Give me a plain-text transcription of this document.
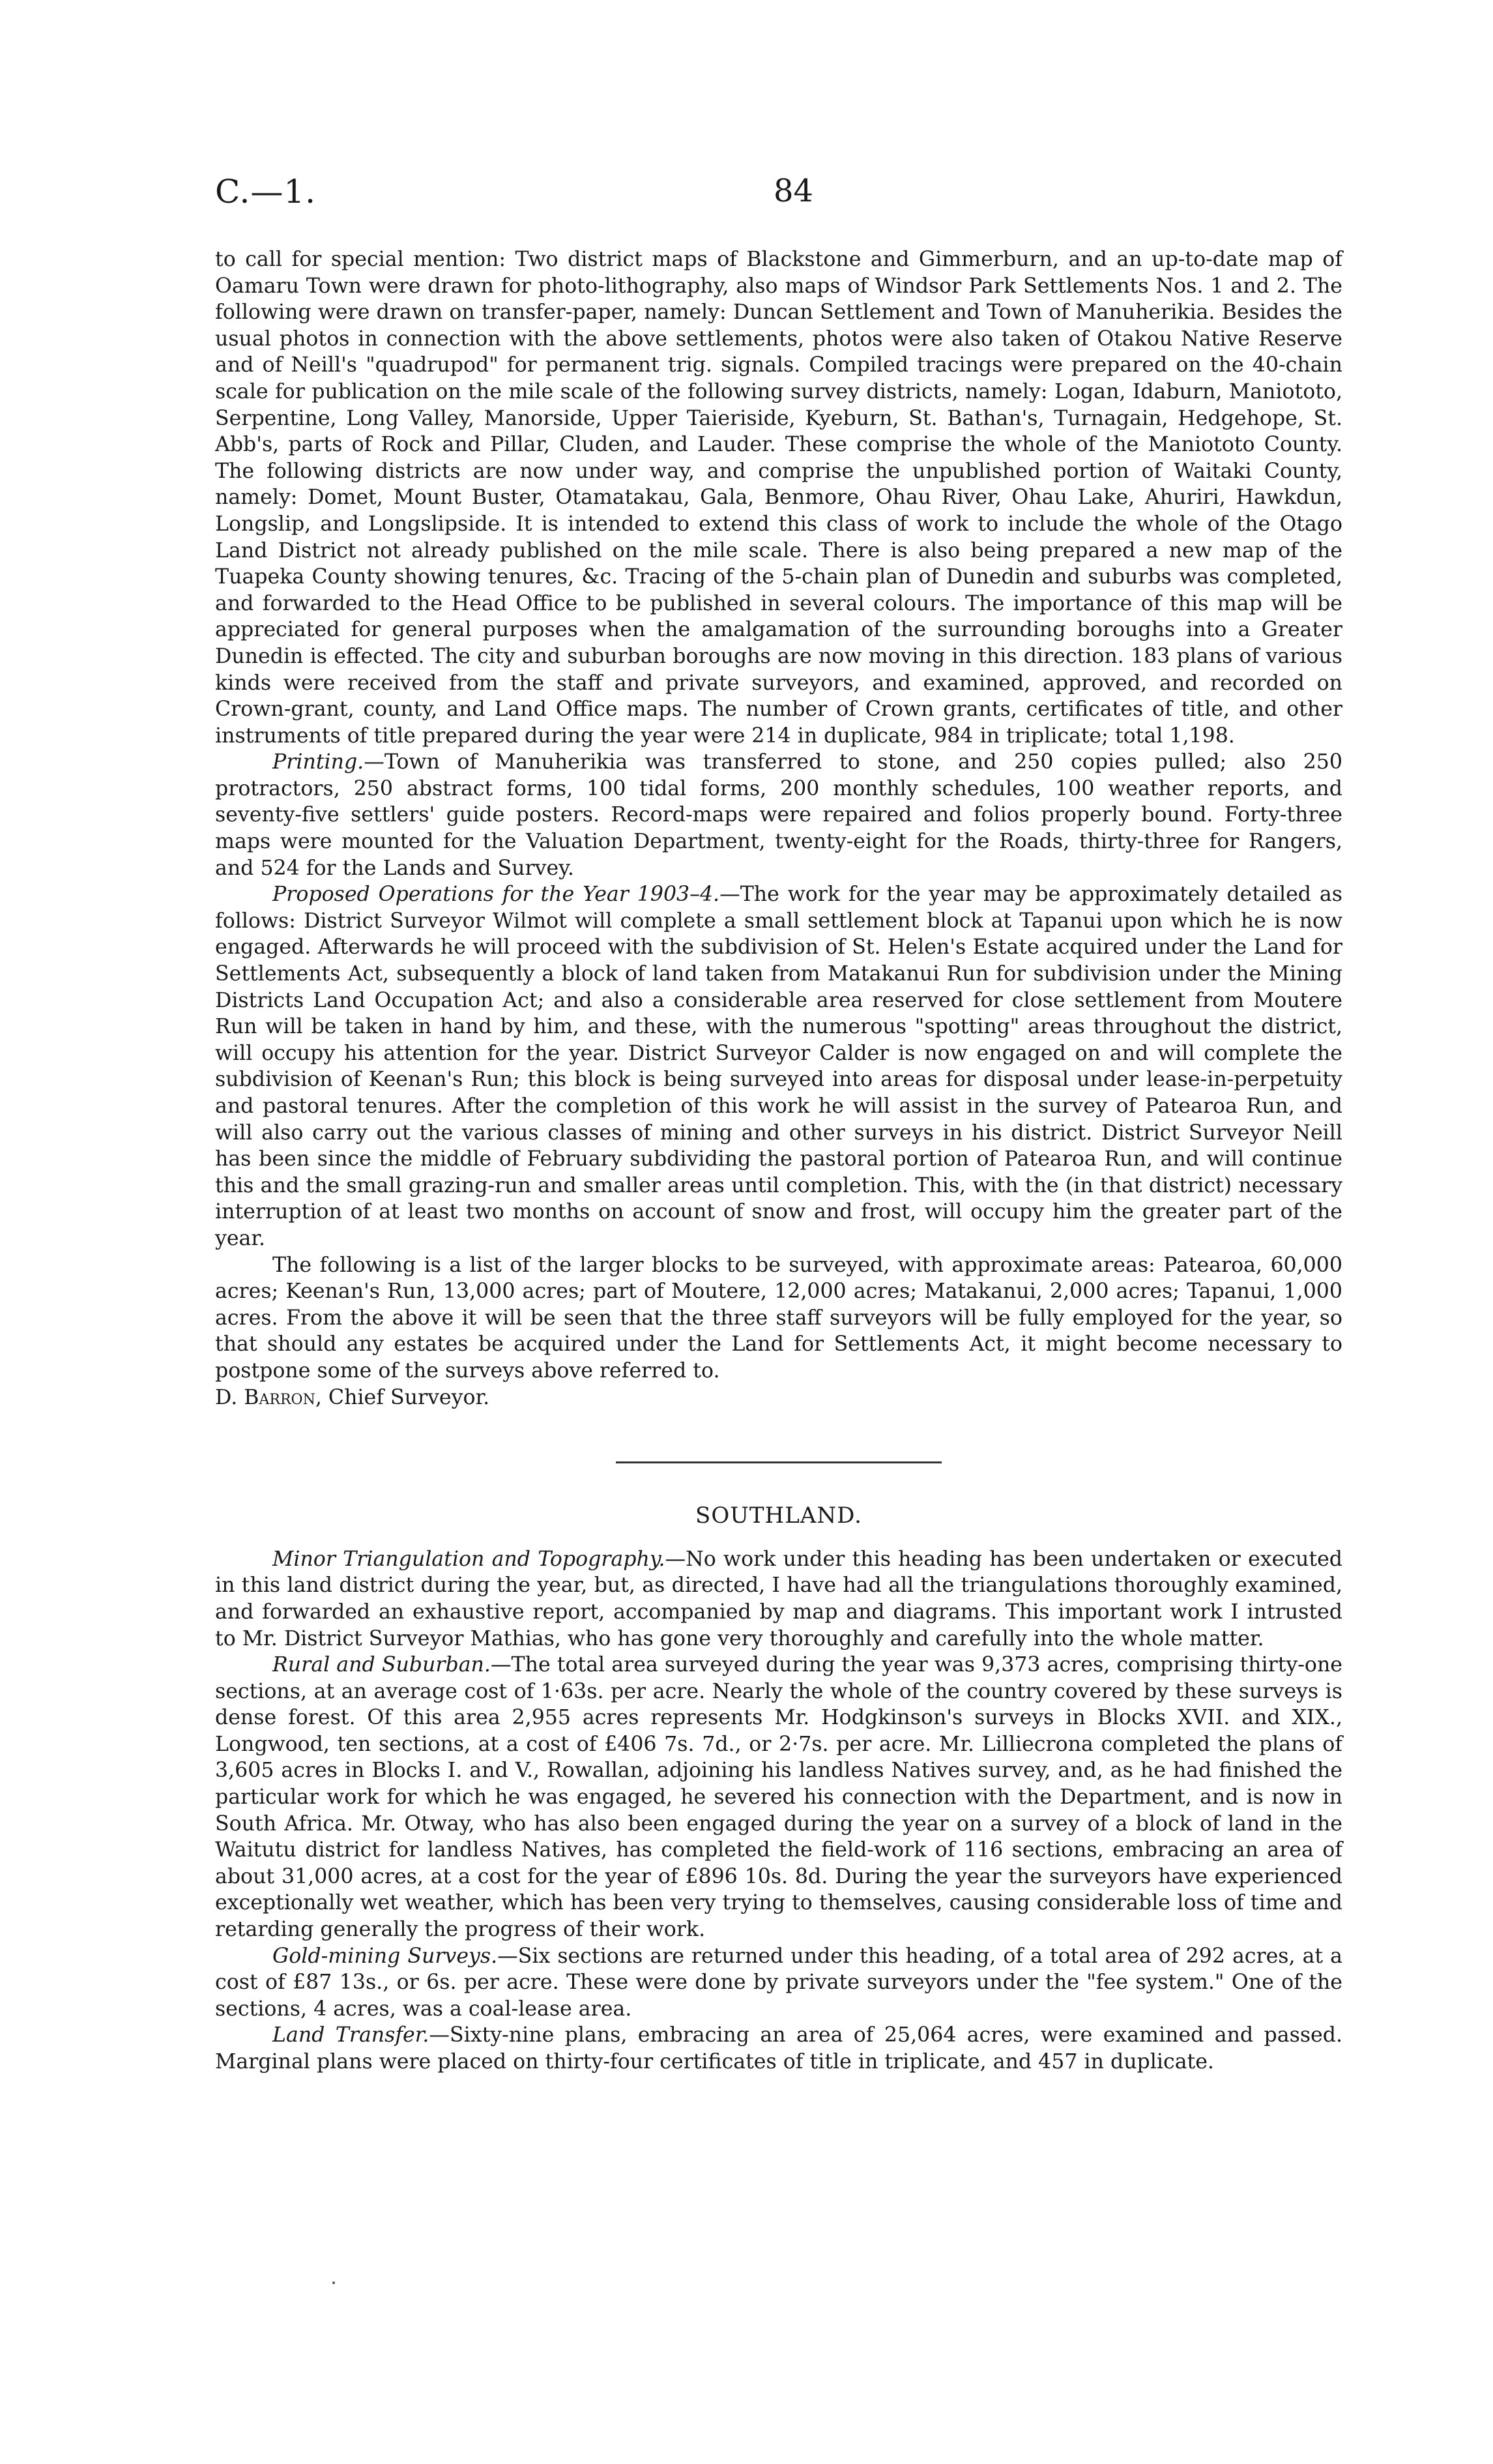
C.—1.	84

to call for special mention: Two district maps of Blackstone and Gimmerburn, and an up-to-date map of Oamaru Town were drawn for photo-lithography, also maps of Windsor Park Settlements Nos. 1 and 2. The following were drawn on transfer-paper, namely: Duncan Settlement and Town of Manuherikia. Besides the usual photos in connection with the above settlements, photos were also taken of Otakou Native Reserve and of Neill's "quadrupod" for permanent trig. signals. Compiled tracings were prepared on the 40-chain scale for publication on the mile scale of the following survey districts, namely: Logan, Idaburn, Maniototo, Serpentine, Long Valley, Manorside, Upper Taieriside, Kyeburn, St. Bathan's, Turnagain, Hedgehope, St. Abb's, parts of Rock and Pillar, Cluden, and Lauder. These comprise the whole of the Maniototo County. The following districts are now under way, and comprise the unpublished portion of Waitaki County, namely: Domet, Mount Buster, Otamatakau, Gala, Benmore, Ohau River, Ohau Lake, Ahuriri, Hawkdun, Longslip, and Longslipside. It is intended to extend this class of work to include the whole of the Otago Land District not already published on the mile scale. There is also being prepared a new map of the Tuapeka County showing tenures, &c. Tracing of the 5-chain plan of Dunedin and suburbs was completed, and forwarded to the Head Office to be published in several colours. The importance of this map will be appreciated for general purposes when the amalgamation of the surrounding boroughs into a Greater Dunedin is effected. The city and suburban boroughs are now moving in this direction. 183 plans of various kinds were received from the staff and private surveyors, and examined, approved, and recorded on Crown-grant, county, and Land Office maps. The number of Crown grants, certificates of title, and other instruments of title prepared during the year were 214 in duplicate, 984 in triplicate; total 1,198.

Printing.—Town of Manuherikia was transferred to stone, and 250 copies pulled; also 250 protractors, 250 abstract forms, 100 tidal forms, 200 monthly schedules, 100 weather reports, and seventy-five settlers' guide posters. Record-maps were repaired and folios properly bound. Forty-three maps were mounted for the Valuation Department, twenty-eight for the Roads, thirty-three for Rangers, and 524 for the Lands and Survey.

Proposed Operations for the Year 1903–4.—The work for the year may be approximately detailed as follows: District Surveyor Wilmot will complete a small settlement block at Tapanui upon which he is now engaged. Afterwards he will proceed with the subdivision of St. Helen's Estate acquired under the Land for Settlements Act, subsequently a block of land taken from Matakanui Run for subdivision under the Mining Districts Land Occupation Act; and also a considerable area reserved for close settlement from Moutere Run will be taken in hand by him, and these, with the numerous "spotting" areas throughout the district, will occupy his attention for the year. District Surveyor Calder is now engaged on and will complete the subdivision of Keenan's Run; this block is being surveyed into areas for disposal under lease-in-perpetuity and pastoral tenures. After the completion of this work he will assist in the survey of Patearoa Run, and will also carry out the various classes of mining and other surveys in his district. District Surveyor Neill has been since the middle of February subdividing the pastoral portion of Patearoa Run, and will continue this and the small grazing-run and smaller areas until completion. This, with the (in that district) necessary interruption of at least two months on account of snow and frost, will occupy him the greater part of the year.

The following is a list of the larger blocks to be surveyed, with approximate areas: Patearoa, 60,000 acres; Keenan's Run, 13,000 acres; part of Moutere, 12,000 acres; Matakanui, 2,000 acres; Tapanui, 1,000 acres. From the above it will be seen that the three staff surveyors will be fully employed for the year, so that should any estates be acquired under the Land for Settlements Act, it might become necessary to postpone some of the surveys above referred to.

D. Barron, Chief Surveyor.

SOUTHLAND.

Minor Triangulation and Topography.—No work under this heading has been undertaken or executed in this land district during the year, but, as directed, I have had all the triangulations thoroughly examined, and forwarded an exhaustive report, accompanied by map and diagrams. This important work I intrusted to Mr. District Surveyor Mathias, who has gone very thoroughly and carefully into the whole matter.

Rural and Suburban.—The total area surveyed during the year was 9,373 acres, comprising thirty-one sections, at an average cost of 1·63s. per acre. Nearly the whole of the country covered by these surveys is dense forest. Of this area 2,955 acres represents Mr. Hodgkinson's surveys in Blocks XVII. and XIX., Longwood, ten sections, at a cost of £406 7s. 7d., or 2·7s. per acre. Mr. Lilliecrona completed the plans of 3,605 acres in Blocks I. and V., Rowallan, adjoining his landless Natives survey, and, as he had finished the particular work for which he was engaged, he severed his connection with the Department, and is now in South Africa. Mr. Otway, who has also been engaged during the year on a survey of a block of land in the Waitutu district for landless Natives, has completed the field-work of 116 sections, embracing an area of about 31,000 acres, at a cost for the year of £896 10s. 8d. During the year the surveyors have experienced exceptionally wet weather, which has been very trying to themselves, causing considerable loss of time and retarding generally the progress of their work.

Gold-mining Surveys.—Six sections are returned under this heading, of a total area of 292 acres, at a cost of £87 13s., or 6s. per acre. These were done by private surveyors under the "fee system." One of the sections, 4 acres, was a coal-lease area.

Land Transfer.—Sixty-nine plans, embracing an area of 25,064 acres, were examined and passed. Marginal plans were placed on thirty-four certificates of title in triplicate, and 457 in duplicate.
